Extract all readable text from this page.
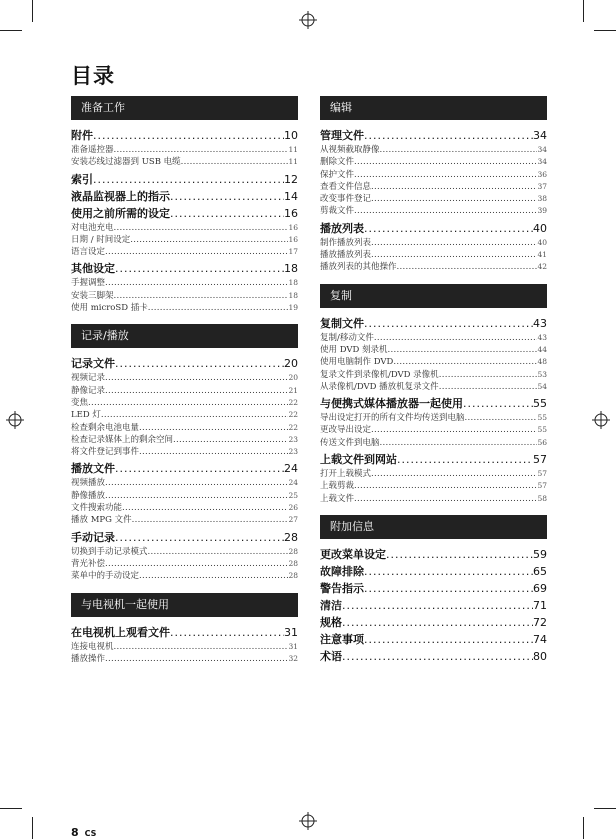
目录
准备工作
附件 .....	10
准备遥控器 .....	11
安装芯线过滤器到 USB 电缆 .....	11
索引 .....	12
液晶监视器上的指示 .....	14
使用之前所需的设定 .....	16
对电池充电 .....	16
日期 / 时间设定 .....	16
语言设定 .....	17
其他设定 .....	18
手握调整 .....	18
安装三脚架 .....	18
使用 microSD 插卡 .....	19
记录/播放
记录文件 .....	20
视频记录 .....	20
静像记录 .....	21
变焦 .....	22
LED 灯 .....	22
检查剩余电池电量 .....	22
检查记录媒体上的剩余空间 .....	23
将文件登记到事件 .....	23
播放文件 .....	24
视频播放 .....	24
静像播放 .....	25
文件搜索功能 .....	26
播放 MPG 文件 .....	27
手动记录 .....	28
切换到手动记录模式 .....	28
背光补偿 .....	28
菜单中的手动设定 .....	28
与电视机一起使用
在电视机上观看文件 .....	31
连接电视机 .....	31
播放操作 .....	32
编辑
管理文件 .....	34
从视频截取静像 .....	34
删除文件 .....	34
保护文件 .....	36
查看文件信息 .....	37
改变事件登记 .....	38
剪裁文件 .....	39
播放列表 .....	40
制作播放列表 .....	40
播放播放列表 .....	41
播放列表的其他操作 .....	42
复制
复制文件 .....	43
复制/移动文件 .....	43
使用 DVD 刻录机 .....	44
使用电脑制作 DVD .....	48
复录文件到录像机/DVD 录像机 .....	53
从录像机/DVD 播放机复录文件 .....	54
与便携式媒体播放器一起使用 .....	55
导出设定打开的所有文件均传送到电脑 .....	55
更改导出设定 .....	55
传送文件到电脑 .....	56
上载文件到网站 .....	57
打开上载模式 .....	57
上载剪裁 .....	57
上载文件 .....	58
附加信息
更改菜单设定 .....	59
故障排除 .....	65
警告指示 .....	69
清洁 .....	71
规格 .....	72
注意事项 .....	74
术语 .....	80
8 CS
